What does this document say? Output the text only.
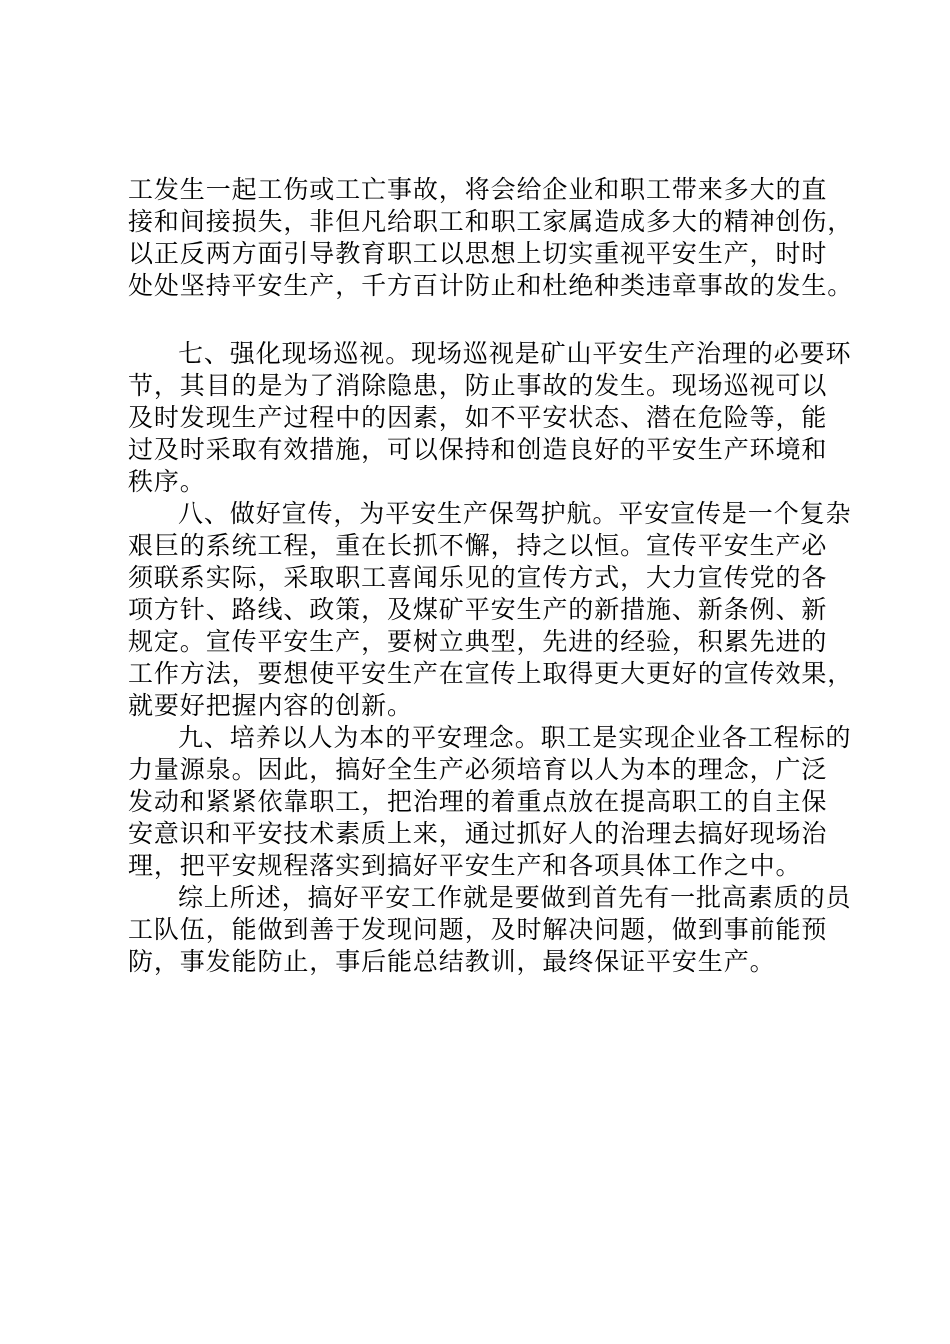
工发生一起工伤或工亡事故，将会给企业和职工带来多大的直
接和间接损失，非但凡给职工和职工家属造成多大的精神创伤，
以正反两方面引导教育职工以思想上切实重视平安生产，时时
处处坚持平安生产，千方百计防止和杜绝种类违章事故的发生。
七、强化现场巡视。现场巡视是矿山平安生产治理的必要环
节，其目的是为了消除隐患，防止事故的发生。现场巡视可以
及时发现生产过程中的因素，如不平安状态、潜在危险等，能
过及时采取有效措施，可以保持和创造良好的平安生产环境和
秩序。
八、做好宣传，为平安生产保驾护航。平安宣传是一个复杂
艰巨的系统工程，重在长抓不懈，持之以恒。宣传平安生产必
须联系实际，采取职工喜闻乐见的宣传方式，大力宣传党的各
项方针、路线、政策，及煤矿平安生产的新措施、新条例、新
规定。宣传平安生产，要树立典型，先进的经验，积累先进的
工作方法，要想使平安生产在宣传上取得更大更好的宣传效果，
就要好把握内容的创新。
九、培养以人为本的平安理念。职工是实现企业各工程标的
力量源泉。因此，搞好全生产必须培育以人为本的理念，广泛
发动和紧紧依靠职工，把治理的着重点放在提高职工的自主保
安意识和平安技术素质上来，通过抓好人的治理去搞好现场治
理，把平安规程落实到搞好平安生产和各项具体工作之中。
综上所述，搞好平安工作就是要做到首先有一批高素质的员
工队伍，能做到善于发现问题，及时解决问题，做到事前能预
防，事发能防止，事后能总结教训，最终保证平安生产。
